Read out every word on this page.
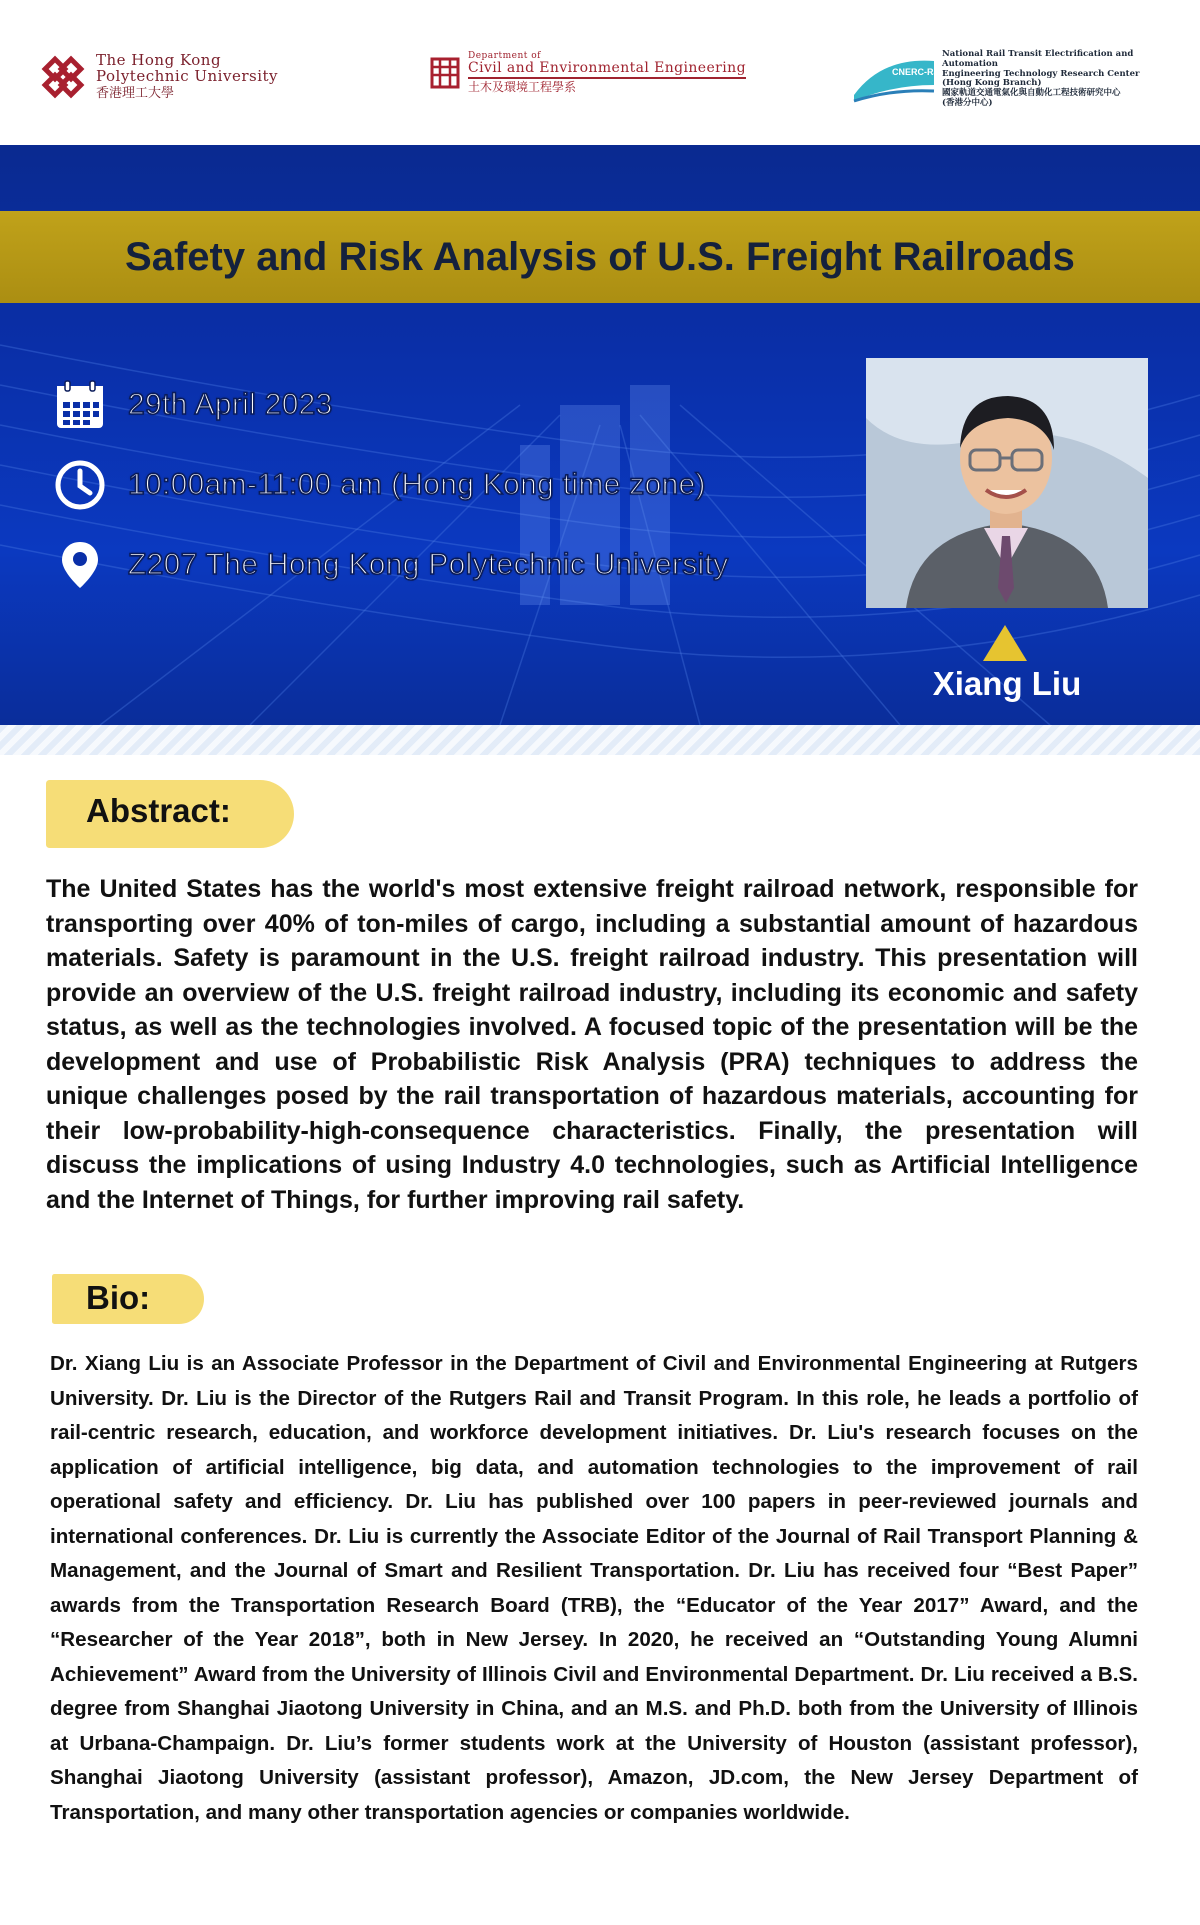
The Hong Kong
Polytechnic University
香港理工大學
Department of
Civil and Environmental Engineering
土木及環境工程學系
CNERC-Rail
National Rail Transit Electrification and Automation
Engineering Technology Research Center
(Hong Kong Branch)
國家軌道交通電氣化與自動化工程技術研究中心
(香港分中心)
Safety and Risk Analysis of U.S. Freight Railroads
29th April 2023
10:00am-11:00 am (Hong Kong time zone)
Z207 The Hong Kong Polytechnic University
Xiang Liu
Abstract:

The United States has the world's most extensive freight railroad network, responsible for transporting over 40% of ton-miles of cargo, including a substantial amount of hazardous materials. Safety is paramount in the U.S. freight railroad industry. This presentation will provide an overview of the U.S. freight railroad industry, including its economic and safety status, as well as the technologies involved. A focused topic of the presentation will be the development and use of Probabilistic Risk Analysis (PRA) techniques to address the unique challenges posed by the rail transportation of hazardous materials, accounting for their low-probability-high-consequence characteristics. Finally, the presentation will discuss the implications of using Industry 4.0 technologies, such as Artificial Intelligence and the Internet of Things, for further improving rail safety.

Bio:

Dr. Xiang Liu is an Associate Professor in the Department of Civil and Environmental Engineering at Rutgers University. Dr. Liu is the Director of the Rutgers Rail and Transit Program. In this role, he leads a portfolio of rail-centric research, education, and workforce development initiatives. Dr. Liu's research focuses on the application of artificial intelligence, big data, and automation technologies to the improvement of rail operational safety and efficiency. Dr. Liu has published over 100 papers in peer-reviewed journals and international conferences. Dr. Liu is currently the Associate Editor of the Journal of Rail Transport Planning & Management, and the Journal of Smart and Resilient Transportation. Dr. Liu has received four “Best Paper” awards from the Transportation Research Board (TRB), the “Educator of the Year 2017” Award, and the “Researcher of the Year 2018”, both in New Jersey. In 2020, he received an “Outstanding Young Alumni Achievement” Award from the University of Illinois Civil and Environmental Department. Dr. Liu received a B.S. degree from Shanghai Jiaotong University in China, and an M.S. and Ph.D. both from the University of Illinois at Urbana-Champaign. Dr. Liu’s former students work at the University of Houston (assistant professor), Shanghai Jiaotong University (assistant professor), Amazon, JD.com, the New Jersey Department of Transportation, and many other transportation agencies or companies worldwide.
